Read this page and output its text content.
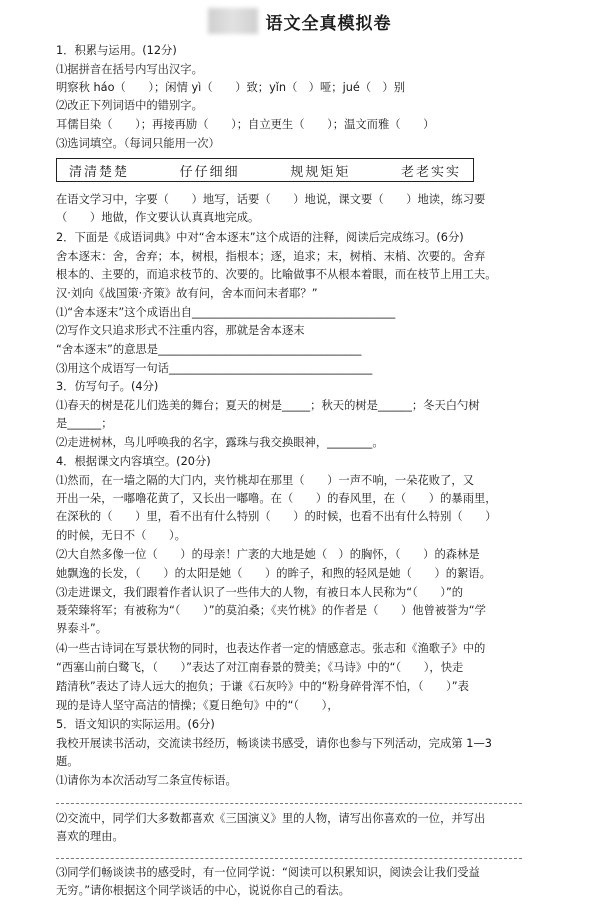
语文全真模拟卷
1．积累与运用。(12分)
⑴据拼音在括号内写出汉字。
明察秋 háo（　　）；闲情 yì（　　）致；yǐn（　）哑；jué（　）别
⑵改正下列词语中的错别字。
耳儒目染（　　）；再接再励（　　）；自立更生（　　）；温文而雅（　　）
⑶选词填空。（每词只能用一次）
清清楚楚	仔仔细细	规规矩矩	老老实实
在语文学习中，字要（　　）地写，话要（　　）地说，课文要（　　）地读，练习要
（　　）地做，作文要认认真真地完成。
2．下面是《成语词典》中对“舍本逐末”这个成语的注释，阅读后完成练习。(6分)
舍本逐末：舍，舍弃；本，树根，指根本；逐，追求；末，树梢、末梢、次要的。舍弃
根本的、主要的，而追求枝节的、次要的。比喻做事不从根本着眼，而在枝节上用工夫。
汉·刘向《战国策·齐策》故有问，舍本而问末者耶？”
⑴“舍本逐末”这个成语出自____________________________________
⑵写作文只追求形式不注重内容，那就是舍本逐末
“舍本逐末”的意思是____________________________________
⑶用这个成语写一句话____________________________________
3．仿写句子。(4分)
⑴春天的树是花儿们选美的舞台；夏天的树是_____；秋天的树是______；冬天白勺树
是______；
⑵走进树林，鸟儿呼唤我的名字，露珠与我交换眼神，________。
4．根据课文内容填空。(20分)
⑴然而，在一墙之隔的大门内，夹竹桃却在那里（　　）一声不响，一朵花败了，又
开出一朵，一嘟噜花黄了，又长出一嘟噜。在（　　）的春风里，在（　　）的暴雨里，
在深秋的（　　）里，看不出有什么特别（　　）的时候，也看不出有什么特别（　　）
的时候，无日不（　　）。
⑵大自然多像一位（　　）的母亲！广袤的大地是她（　）的胸怀，（　　）的森林是
她飘逸的长发，（　　）的太阳是她（　　）的眸子，和煦的轻风是她（　　）的絮语。
⑶走进课文，我们跟着作者认识了一些伟大的人物，有被日本人民称为“（　　）”的
聂荣臻将军；有被称为“（　　）”的莫泊桑；《夹竹桃》的作者是（　　）他曾被誉为“学
界泰斗”。
⑷一些古诗词在写景状物的同时，也表达作者一定的情感意志。张志和《渔歌子》中的
“西塞山前白鹭飞，（　　）”表达了对江南春景的赞美；《马诗》中的“（　　），快走
踏清秋”表达了诗人远大的抱负；于谦《石灰吟》中的“粉身碎骨浑不怕，（　　）”表
现的是诗人坚守高洁的情操；《夏日绝句》中的“（　　），
5．语文知识的实际运用。(6分)
我校开展读书活动，交流读书经历，畅谈读书感受，请你也参与下列活动，完成第 1—3
题。
⑴请你为本次活动写二条宣传标语。
⑵交流中，同学们大多数都喜欢《三国演义》里的人物，请写出你喜欢的一位，并写出
喜欢的理由。
⑶同学们畅谈读书的感受时，有一位同学说：“阅读可以积累知识，阅读会让我们受益
无穷。”请你根据这个同学谈话的中心，说说你自己的看法。
